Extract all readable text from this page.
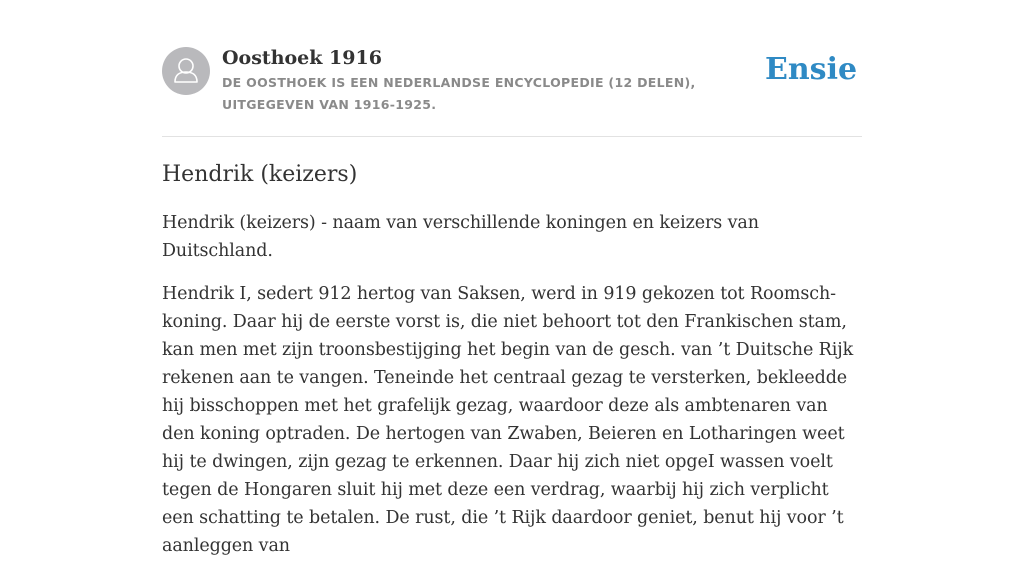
Oosthoek 1916

DE OOSTHOEK IS EEN NEDERLANDSE ENCYCLOPEDIE (12 DELEN), UITGEGEVEN VAN 1916-1925.

Ensie
Hendrik (keizers)

Hendrik (keizers) - naam van verschillende koningen en keizers van Duitschland.

Hendrik I, sedert 912 hertog van Saksen, werd in 919 gekozen tot Roomsch-koning. Daar hij de eerste vorst is, die niet behoort tot den Frankischen stam, kan men met zijn troonsbestijging het begin van de gesch. van ’t Duitsche Rijk rekenen aan te vangen. Teneinde het centraal gezag te versterken, bekleedde hij bisschoppen met het grafelijk gezag, waardoor deze als ambtenaren van den koning optraden. De hertogen van Zwaben, Beieren en Lotharingen weet hij te dwingen, zijn gezag te erkennen. Daar hij zich niet opgeI wassen voelt tegen de Hongaren sluit hij met deze een verdrag, waarbij hij zich verplicht een schatting te betalen. De rust, die ’t Rijk daardoor geniet, benut hij voor ’t aanleggen van
